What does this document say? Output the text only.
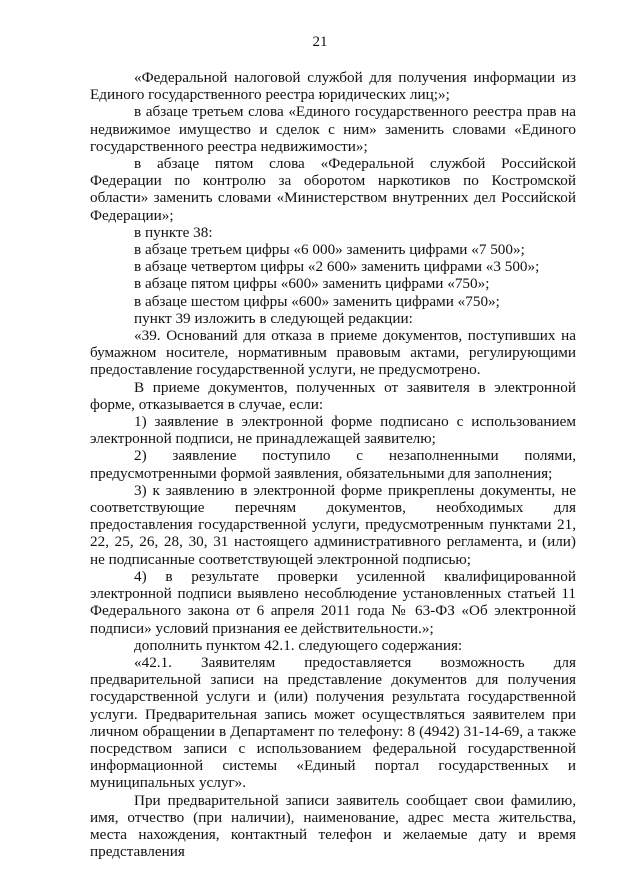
21

«Федеральной налоговой службой для получения информации из Единого государственного реестра юридических лиц;»;

в абзаце третьем слова «Единого государственного реестра прав на недвижимое имущество и сделок с ним» заменить словами «Единого государственного реестра недвижимости»;

в абзаце пятом слова «Федеральной службой Российской Федерации по контролю за оборотом наркотиков по Костромской области» заменить словами «Министерством внутренних дел Российской Федерации»;

в пункте 38:

в абзаце третьем цифры «6 000» заменить цифрами «7 500»;

в абзаце четвертом цифры «2 600» заменить цифрами «3 500»;

в абзаце пятом цифры «600» заменить цифрами «750»;

в абзаце шестом цифры «600» заменить цифрами «750»;

пункт 39 изложить в следующей редакции:

«39. Оснований для отказа в приеме документов, поступивших на бумажном носителе, нормативным правовым актами, регулирующими предоставление государственной услуги, не предусмотрено.

В приеме документов, полученных от заявителя в электронной форме, отказывается в случае, если:

1) заявление в электронной форме подписано с использованием электронной подписи, не принадлежащей заявителю;

2) заявление поступило с незаполненными полями, предусмотренными формой заявления, обязательными для заполнения;

3) к заявлению в электронной форме прикреплены документы, не соответствующие перечням документов, необходимых для предоставления государственной услуги, предусмотренным пунктами 21, 22, 25, 26, 28, 30, 31 настоящего административного регламента, и (или) не подписанные соответствующей электронной подписью;

4) в результате проверки усиленной квалифицированной электронной подписи выявлено несоблюдение установленных статьей 11 Федерального закона от 6 апреля 2011 года № 63-ФЗ «Об электронной подписи» условий признания ее действительности.»;

дополнить пунктом 42.1. следующего содержания:

«42.1. Заявителям предоставляется возможность для предварительной записи на представление документов для получения государственной услуги и (или) получения результата государственной услуги. Предварительная запись может осуществляться заявителем при личном обращении в Департамент по телефону: 8 (4942) 31-14-69, а также посредством записи с использованием федеральной государственной информационной системы «Единый портал государственных и муниципальных услуг».

При предварительной записи заявитель сообщает свои фамилию, имя, отчество (при наличии), наименование, адрес места жительства, места нахождения, контактный телефон и желаемые дату и время представления
